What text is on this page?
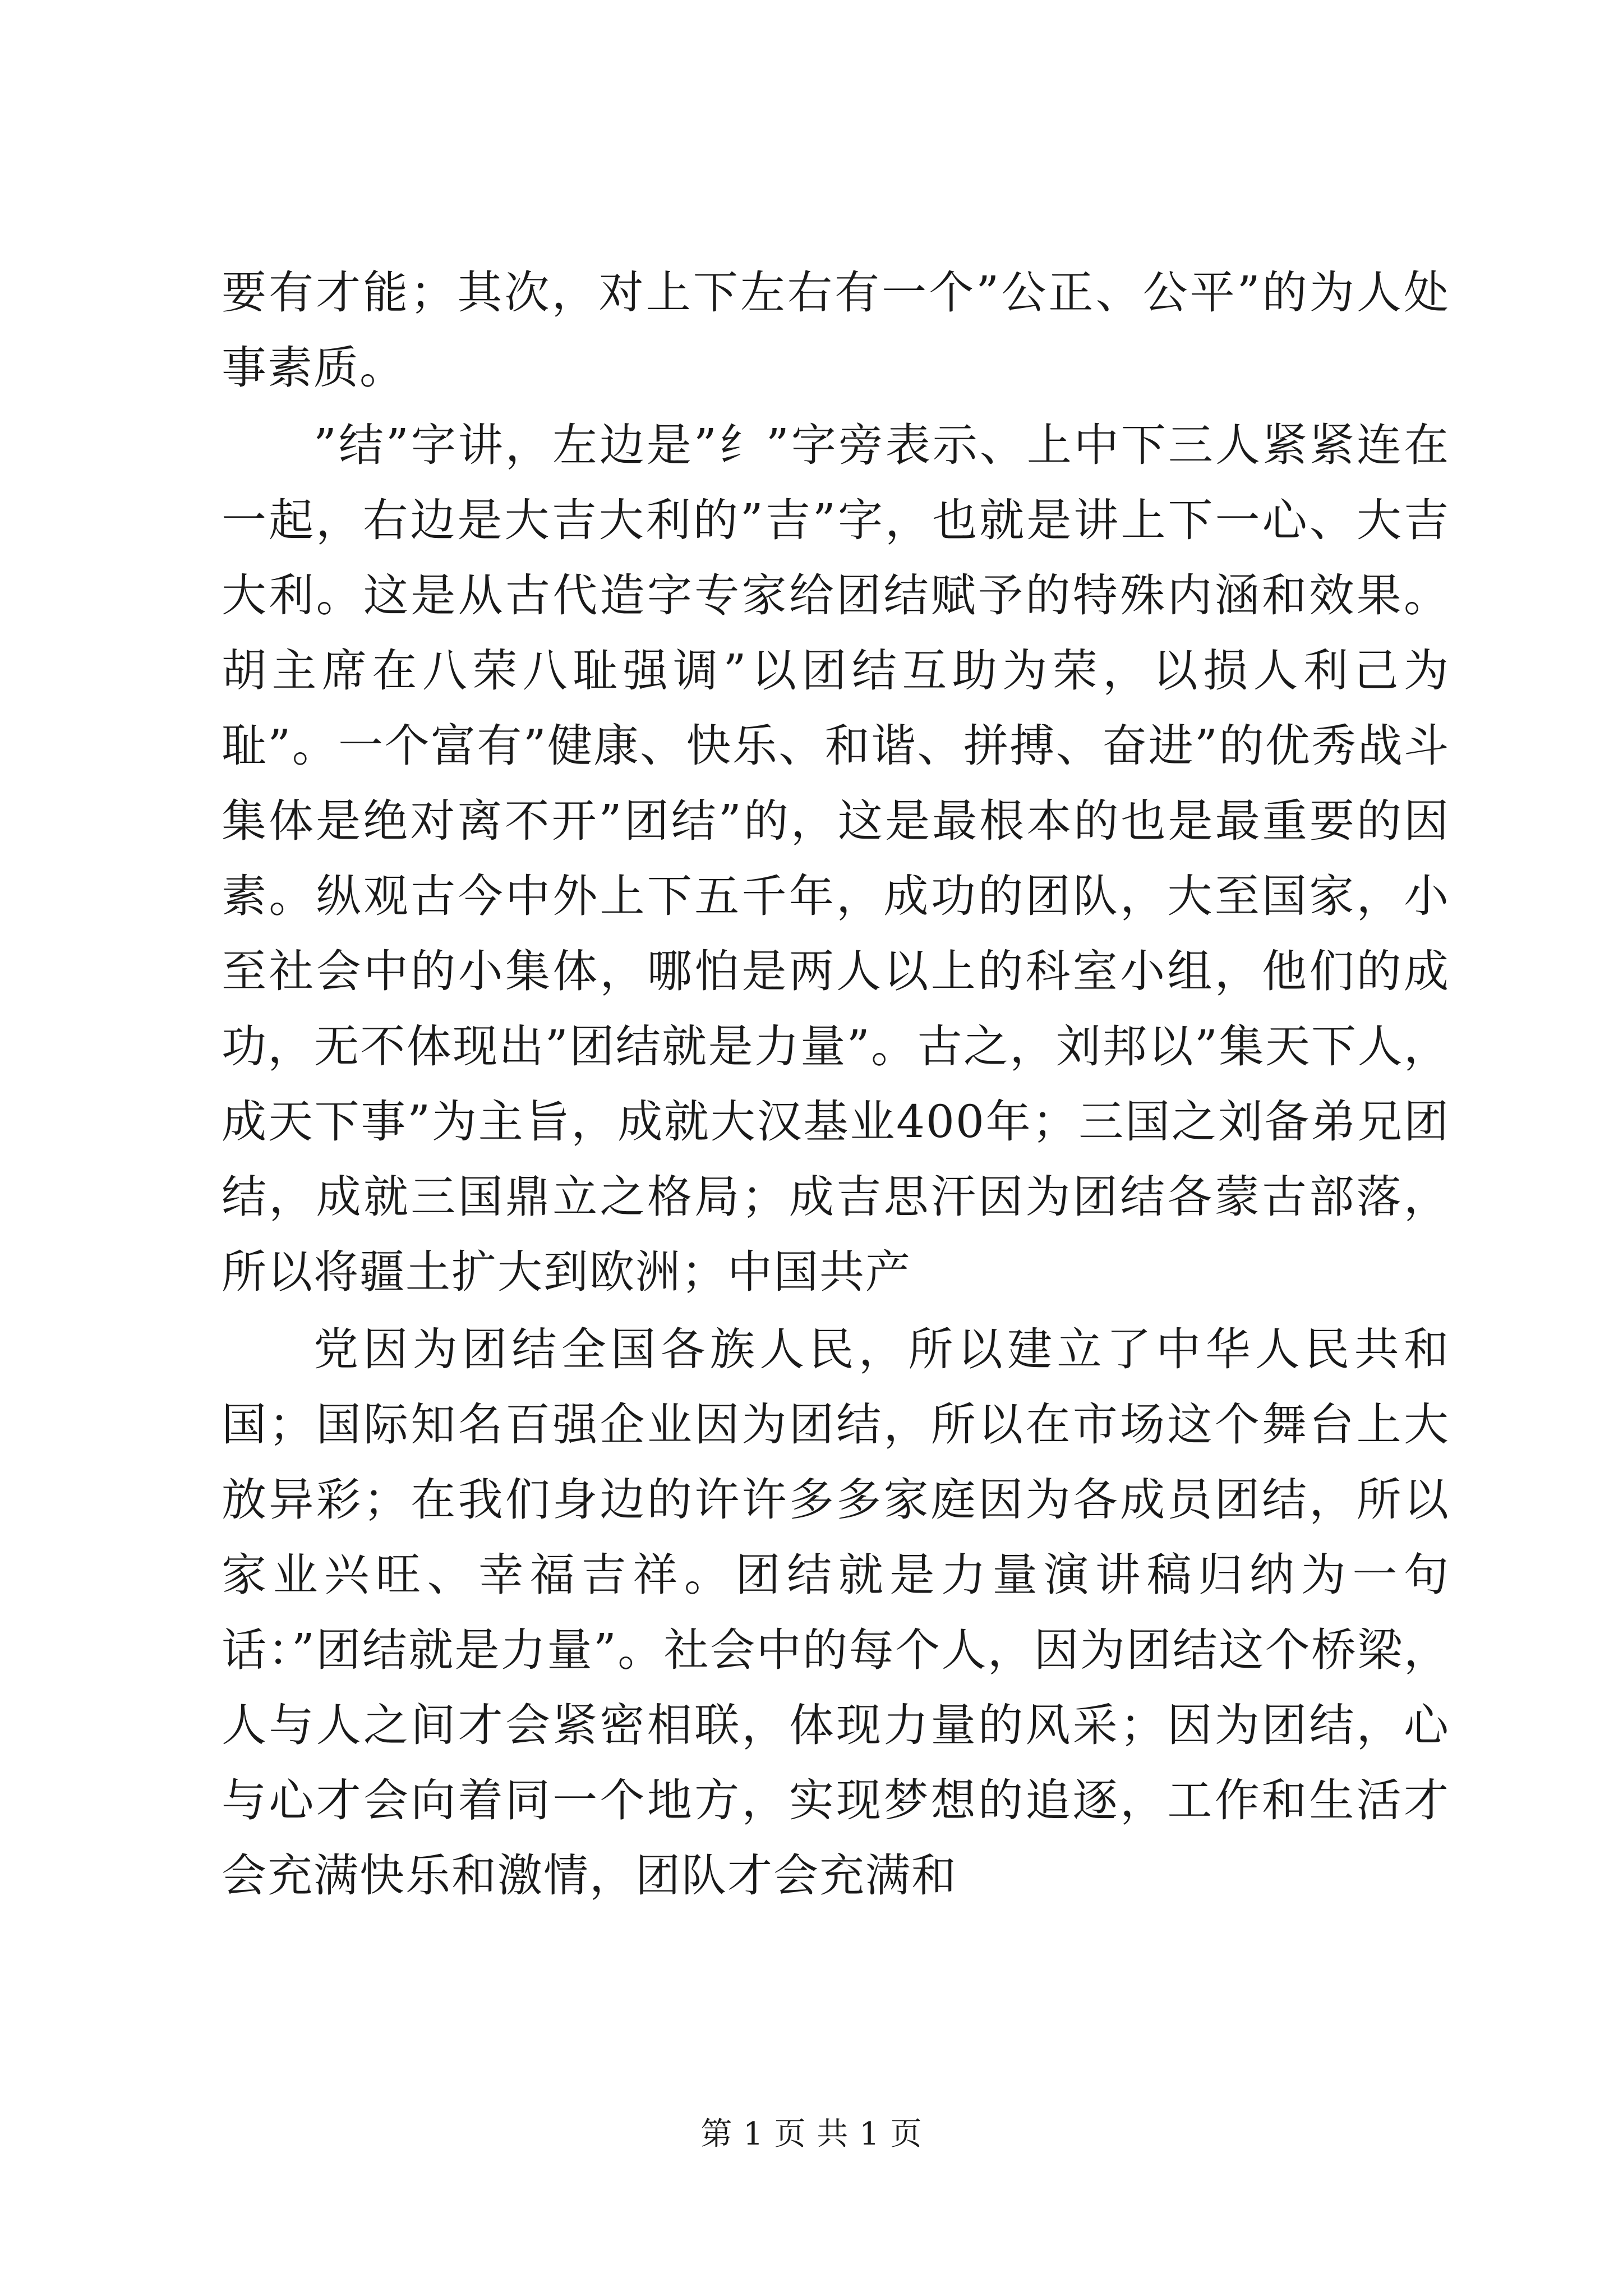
要有才能；其次，对上下左右有一个”公正、公平”的为人处事素质。

”结”字讲，左边是”纟”字旁表示、上中下三人紧紧连在一起，右边是大吉大利的”吉”字，也就是讲上下一心、大吉大利。这是从古代造字专家给团结赋予的特殊内涵和效果。胡主席在八荣八耻强调”以团结互助为荣，以损人利己为耻”。一个富有”健康、快乐、和谐、拼搏、奋进”的优秀战斗集体是绝对离不开”团结”的，这是最根本的也是最重要的因素。纵观古今中外上下五千年，成功的团队，大至国家，小至社会中的小集体，哪怕是两人以上的科室小组，他们的成功，无不体现出”团结就是力量”。古之，刘邦以”集天下人，成天下事”为主旨，成就大汉基业400年；三国之刘备弟兄团结，成就三国鼎立之格局；成吉思汗因为团结各蒙古部落，所以将疆土扩大到欧洲；中国共产

党因为团结全国各族人民，所以建立了中华人民共和国；国际知名百强企业因为团结，所以在市场这个舞台上大放异彩；在我们身边的许许多多家庭因为各成员团结，所以家业兴旺、幸福吉祥。团结就是力量演讲稿归纳为一句话：”团结就是力量”。社会中的每个人，因为团结这个桥梁，人与人之间才会紧密相联，体现力量的风采；因为团结，心与心才会向着同一个地方，实现梦想的追逐，工作和生活才会充满快乐和激情，团队才会充满和

第 1 页 共 1 页
